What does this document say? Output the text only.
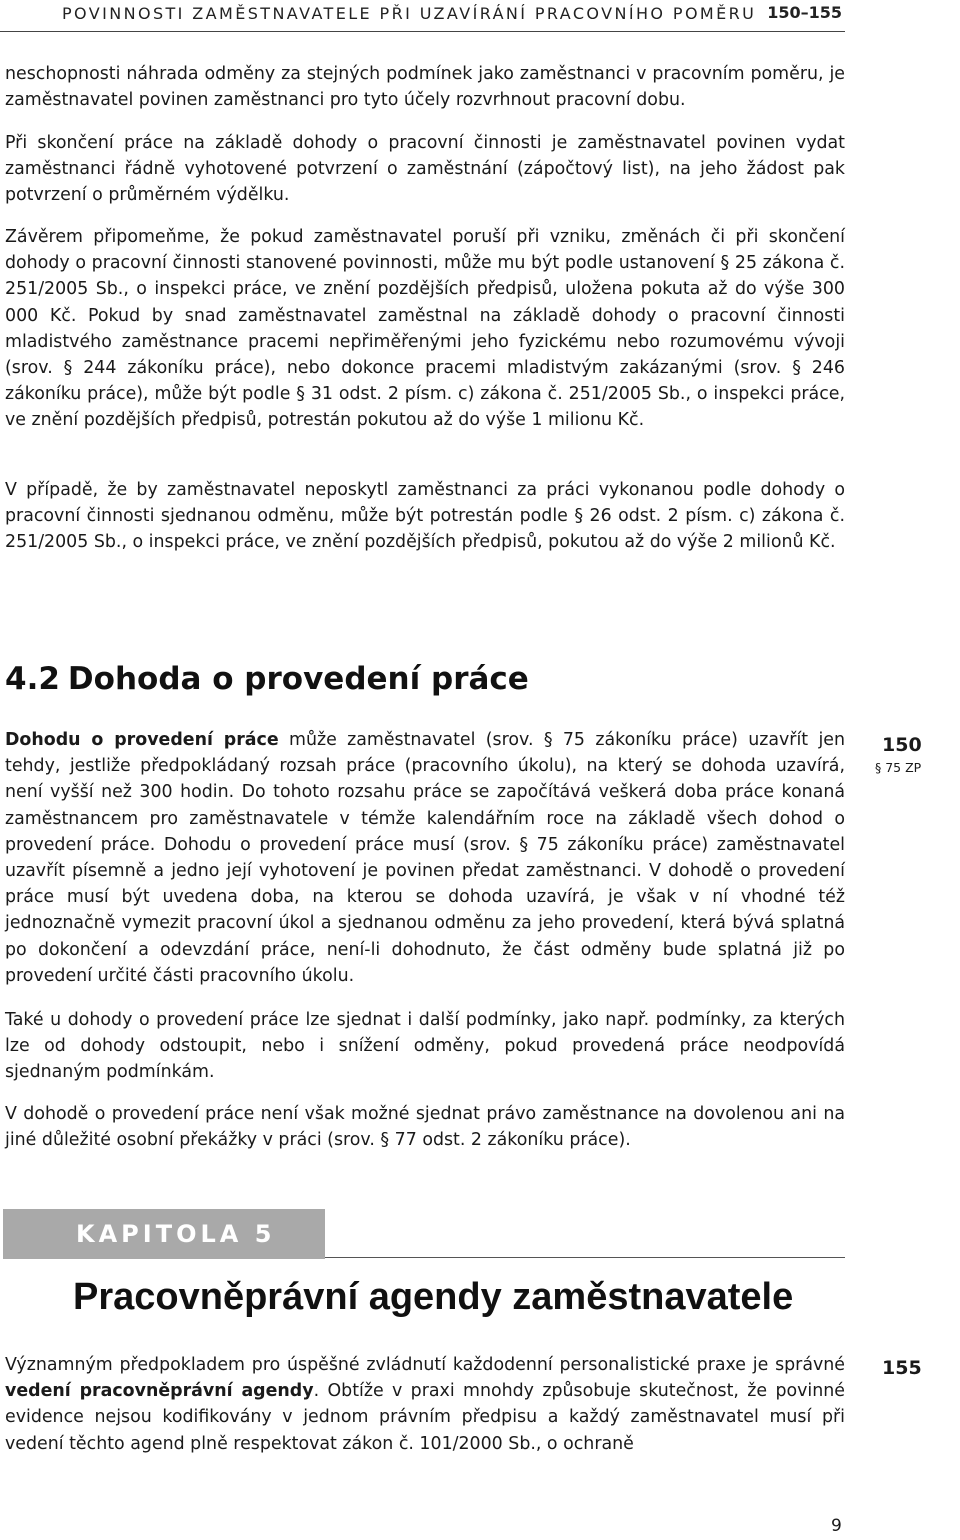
POVINNOSTI ZAMĚSTNAVATELE PŘI UZAVÍRÁNÍ PRACOVNÍHO POMĚRU 150–155

neschopnosti náhrada odměny za stejných podmínek jako zaměstnanci v pracovním poměru, je zaměstnavatel povinen zaměstnanci pro tyto účely rozvrhnout pracovní dobu.

Při skončení práce na základě dohody o pracovní činnosti je zaměstnavatel povinen vydat zaměstnanci řádně vyhotovené potvrzení o zaměstnání (zápočtový list), na jeho žádost pak potvrzení o průměrném výdělku.

Závěrem připomeňme, že pokud zaměstnavatel poruší při vzniku, změnách či při skončení dohody o pracovní činnosti stanovené povinnosti, může mu být podle ustanovení § 25 zákona č. 251/2005 Sb., o inspekci práce, ve znění pozdějších předpisů, uložena pokuta až do výše 300 000 Kč. Pokud by snad zaměstnavatel zaměstnal na základě dohody o pracovní činnosti mladistvého zaměstnance pracemi nepřiměřenými jeho fyzickému nebo rozumovému vývoji (srov. § 244 zákoníku práce), nebo dokonce pracemi mladistvým zakázanými (srov. § 246 zákoníku práce), může být podle § 31 odst. 2 písm. c) zákona č. 251/2005 Sb., o inspekci práce, ve znění pozdějších předpisů, potrestán pokutou až do výše 1 milionu Kč.

V případě, že by zaměstnavatel neposkytl zaměstnanci za práci vykonanou podle dohody o pracovní činnosti sjednanou odměnu, může být potrestán podle § 26 odst. 2 písm. c) zákona č. 251/2005 Sb., o inspekci práce, ve znění pozdějších předpisů, pokutou až do výše 2 milionů Kč.

4.2 Dohoda o provedení práce

Dohodu o provedení práce může zaměstnavatel (srov. § 75 zákoníku práce) uzavřít jen tehdy, jestliže předpokládaný rozsah práce (pracovního úkolu), na který se dohoda uzavírá, není vyšší než 300 hodin. Do tohoto rozsahu práce se započítává veškerá doba práce konaná zaměstnancem pro zaměstnavatele v témže kalendářním roce na základě všech dohod o provedení práce. Dohodu o provedení práce musí (srov. § 75 zákoníku práce) zaměstnavatel uzavřít písemně a jedno její vyhotovení je povinen předat zaměstnanci. V dohodě o provedení práce musí být uvedena doba, na kterou se dohoda uzavírá, je však v ní vhodné též jednoznačně vymezit pracovní úkol a sjednanou odměnu za jeho provedení, která bývá splatná po dokončení a odevzdání práce, není-li dohodnuto, že část odměny bude splatná již po provedení určité části pracovního úkolu.

150
§ 75 ZP

Také u dohody o provedení práce lze sjednat i další podmínky, jako např. podmínky, za kterých lze od dohody odstoupit, nebo i snížení odměny, pokud provedená práce neodpovídá sjednaným podmínkám.

V dohodě o provedení práce není však možné sjednat právo zaměstnance na dovolenou ani na jiné důležité osobní překážky v práci (srov. § 77 odst. 2 zákoníku práce).

KAPITOLA 5
Pracovněprávní agendy zaměstnavatele

Významným předpokladem pro úspěšné zvládnutí každodenní personalistické praxe je správné vedení pracovněprávní agendy. Obtíže v praxi mnohdy způsobuje skutečnost, že povinné evidence nejsou kodifikovány v jednom právním předpisu a každý zaměstnavatel musí při vedení těchto agend plně respektovat zákon č. 101/2000 Sb., o ochraně

155
9
